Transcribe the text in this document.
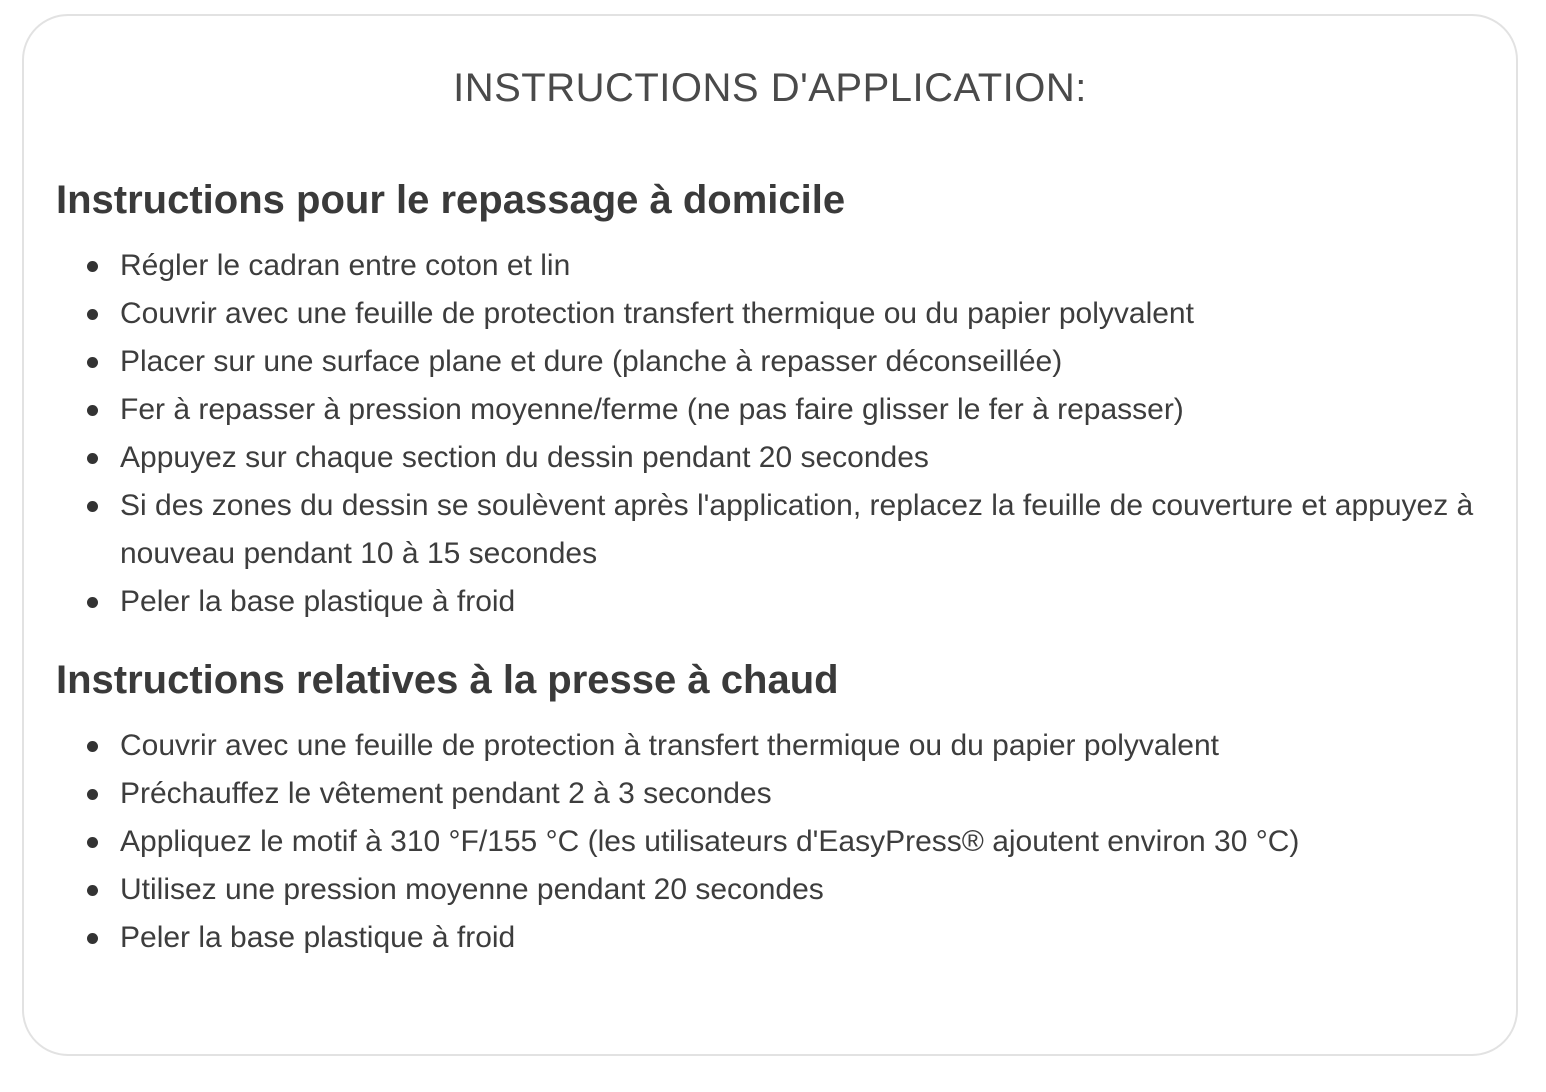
INSTRUCTIONS D'APPLICATION:
Instructions pour le repassage à domicile
Régler le cadran entre coton et lin
Couvrir avec une feuille de protection transfert thermique ou du papier polyvalent
Placer sur une surface plane et dure (planche à repasser déconseillée)
Fer à repasser à pression moyenne/ferme (ne pas faire glisser le fer à repasser)
Appuyez sur chaque section du dessin pendant 20 secondes
Si des zones du dessin se soulèvent après l'application, replacez la feuille de couverture et appuyez à nouveau pendant 10 à 15 secondes
Peler la base plastique à froid
Instructions relatives à la presse à chaud
Couvrir avec une feuille de protection à transfert thermique ou du papier polyvalent
Préchauffez le vêtement pendant 2 à 3 secondes
Appliquez le motif à 310 °F/155 °C (les utilisateurs d'EasyPress® ajoutent environ 30 °C)
Utilisez une pression moyenne pendant 20 secondes
Peler la base plastique à froid
